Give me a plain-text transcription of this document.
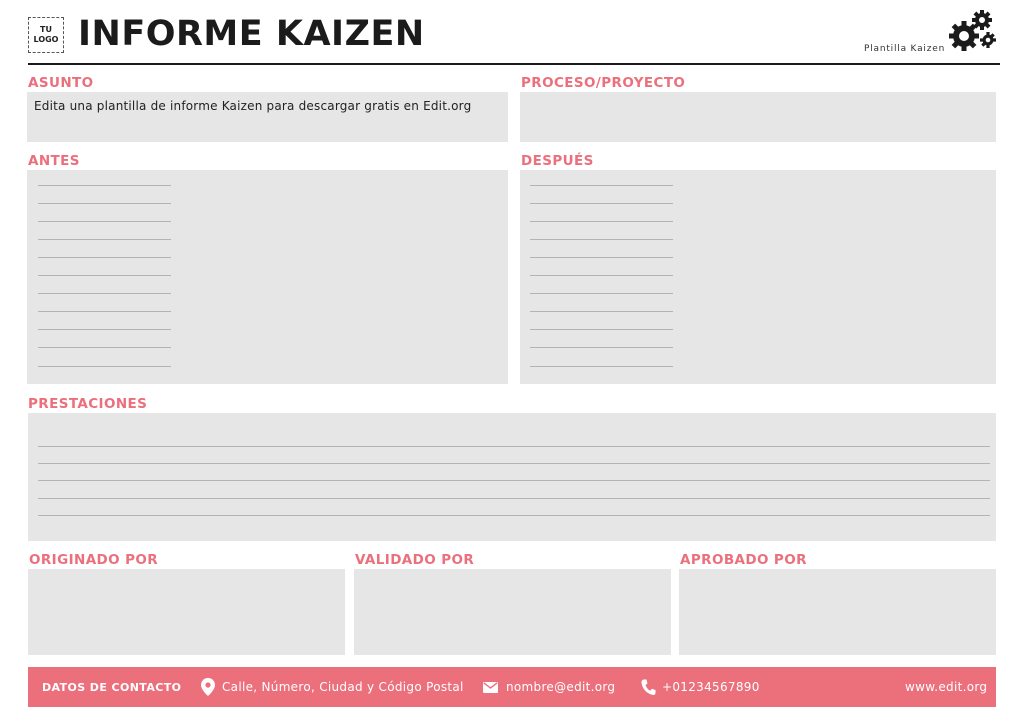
TU
LOGO INFORME KAIZEN	Plantilla Kaizen
ASUNTO
Edita una plantilla de informe Kaizen para descargar gratis en Edit.org
PROCESO/PROYECTO
ANTES	DESPUÉS
PRESTACIONES
ORIGINADO POR	VALIDADO POR	APROBADO POR
DATOS DE CONTACTO	Calle, Número, Ciudad y Código Postal	nombre@edit.org	+01234567890	www.edit.org
